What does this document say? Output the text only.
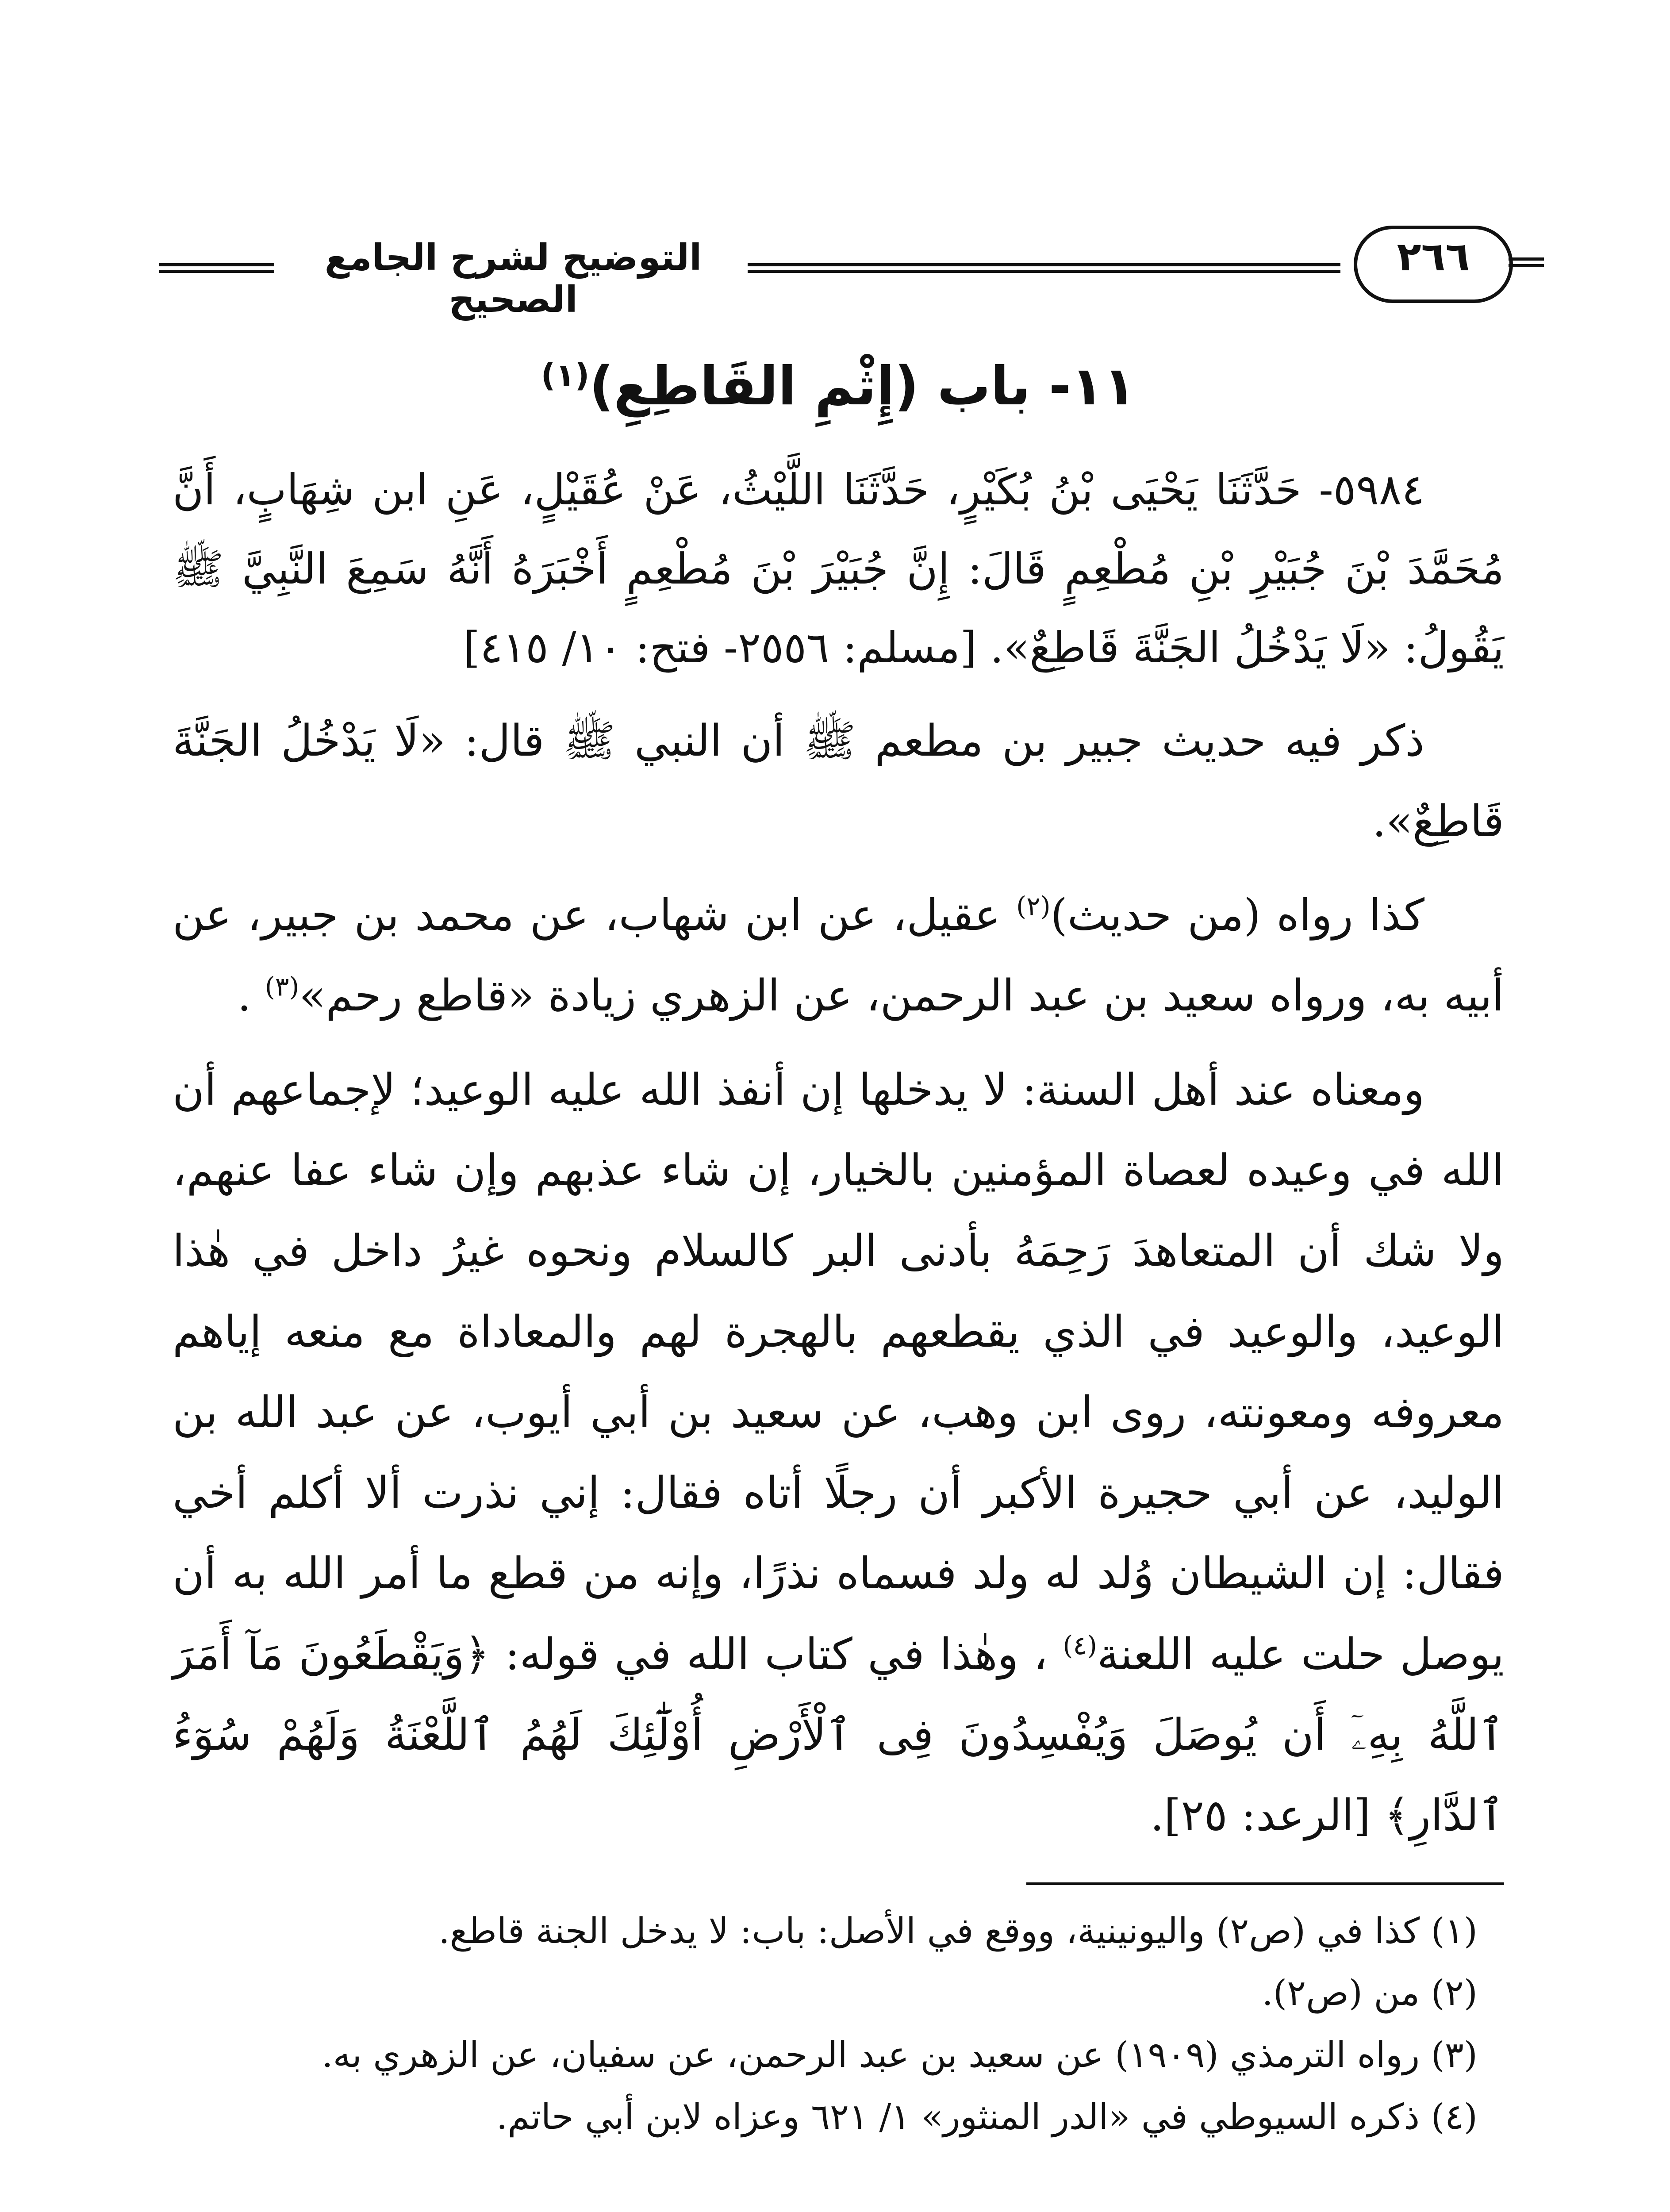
التوضيح لشرح الجامع الصحيح
٢٦٦
١١- باب (إِثْمِ القَاطِعِ)$^{(١)}$

٥٩٨٤- حَدَّثَنَا يَحْيَى بْنُ بُكَيْرٍ، حَدَّثَنَا اللَّيْثُ، عَنْ عُقَيْلٍ، عَنِ ابن شِهَابٍ، أَنَّ مُحَمَّدَ بْنَ جُبَيْرِ بْنِ مُطْعِمٍ قَالَ: إِنَّ جُبَيْرَ بْنَ مُطْعِمٍ أَخْبَرَهُ أَنَّهُ سَمِعَ النَّبِيَّ ﷺ يَقُولُ: «لَا يَدْخُلُ الجَنَّةَ قَاطِعٌ». [مسلم: ٢٥٥٦- فتح: ١٠/ ٤١٥]

ذكر فيه حديث جبير بن مطعم ﷺ أن النبي ﷺ قال: «لَا يَدْخُلُ الجَنَّةَ قَاطِعٌ».

كذا رواه (من حديث)$^{(٢)}$ عقيل، عن ابن شهاب، عن محمد بن جبير، عن أبيه به، ورواه سعيد بن عبد الرحمن، عن الزهري زيادة «قاطع رحم»$^{(٣)}$ .

ومعناه عند أهل السنة: لا يدخلها إن أنفذ الله عليه الوعيد؛ لإجماعهم أن الله في وعيده لعصاة المؤمنين بالخيار، إن شاء عذبهم وإن شاء عفا عنهم، ولا شك أن المتعاهدَ رَحِمَهُ بأدنى البر كالسلام ونحوه غيرُ داخل في هٰذا الوعيد، والوعيد في الذي يقطعهم بالهجرة لهم والمعاداة مع منعه إياهم معروفه ومعونته، روى ابن وهب، عن سعيد بن أبي أيوب، عن عبد الله بن الوليد، عن أبي حجيرة الأكبر أن رجلًا أتاه فقال: إني نذرت ألا أكلم أخي فقال: إن الشيطان وُلد له ولد فسماه نذرًا، وإنه من قطع ما أمر الله به أن يوصل حلت عليه اللعنة$^{(٤)}$ ، وهٰذا في كتاب الله في قوله: ﴿وَيَقْطَعُونَ مَآ أَمَرَ ٱللَّهُ بِهِۦٓ أَن يُوصَلَ وَيُفْسِدُونَ فِى ٱلْأَرْضِ أُوْلَٰٓئِكَ لَهُمُ ٱللَّعْنَةُ وَلَهُمْ سُوٓءُ ٱلدَّارِ﴾ [الرعد: ٢٥].

(١) كذا في (ص٢) واليونينية، ووقع في الأصل: باب: لا يدخل الجنة قاطع.
(٢) من (ص٢).
(٣) رواه الترمذي (١٩٠٩) عن سعيد بن عبد الرحمن، عن سفيان، عن الزهري به.
(٤) ذكره السيوطي في «الدر المنثور» ١/ ٦٢١ وعزاه لابن أبي حاتم.
